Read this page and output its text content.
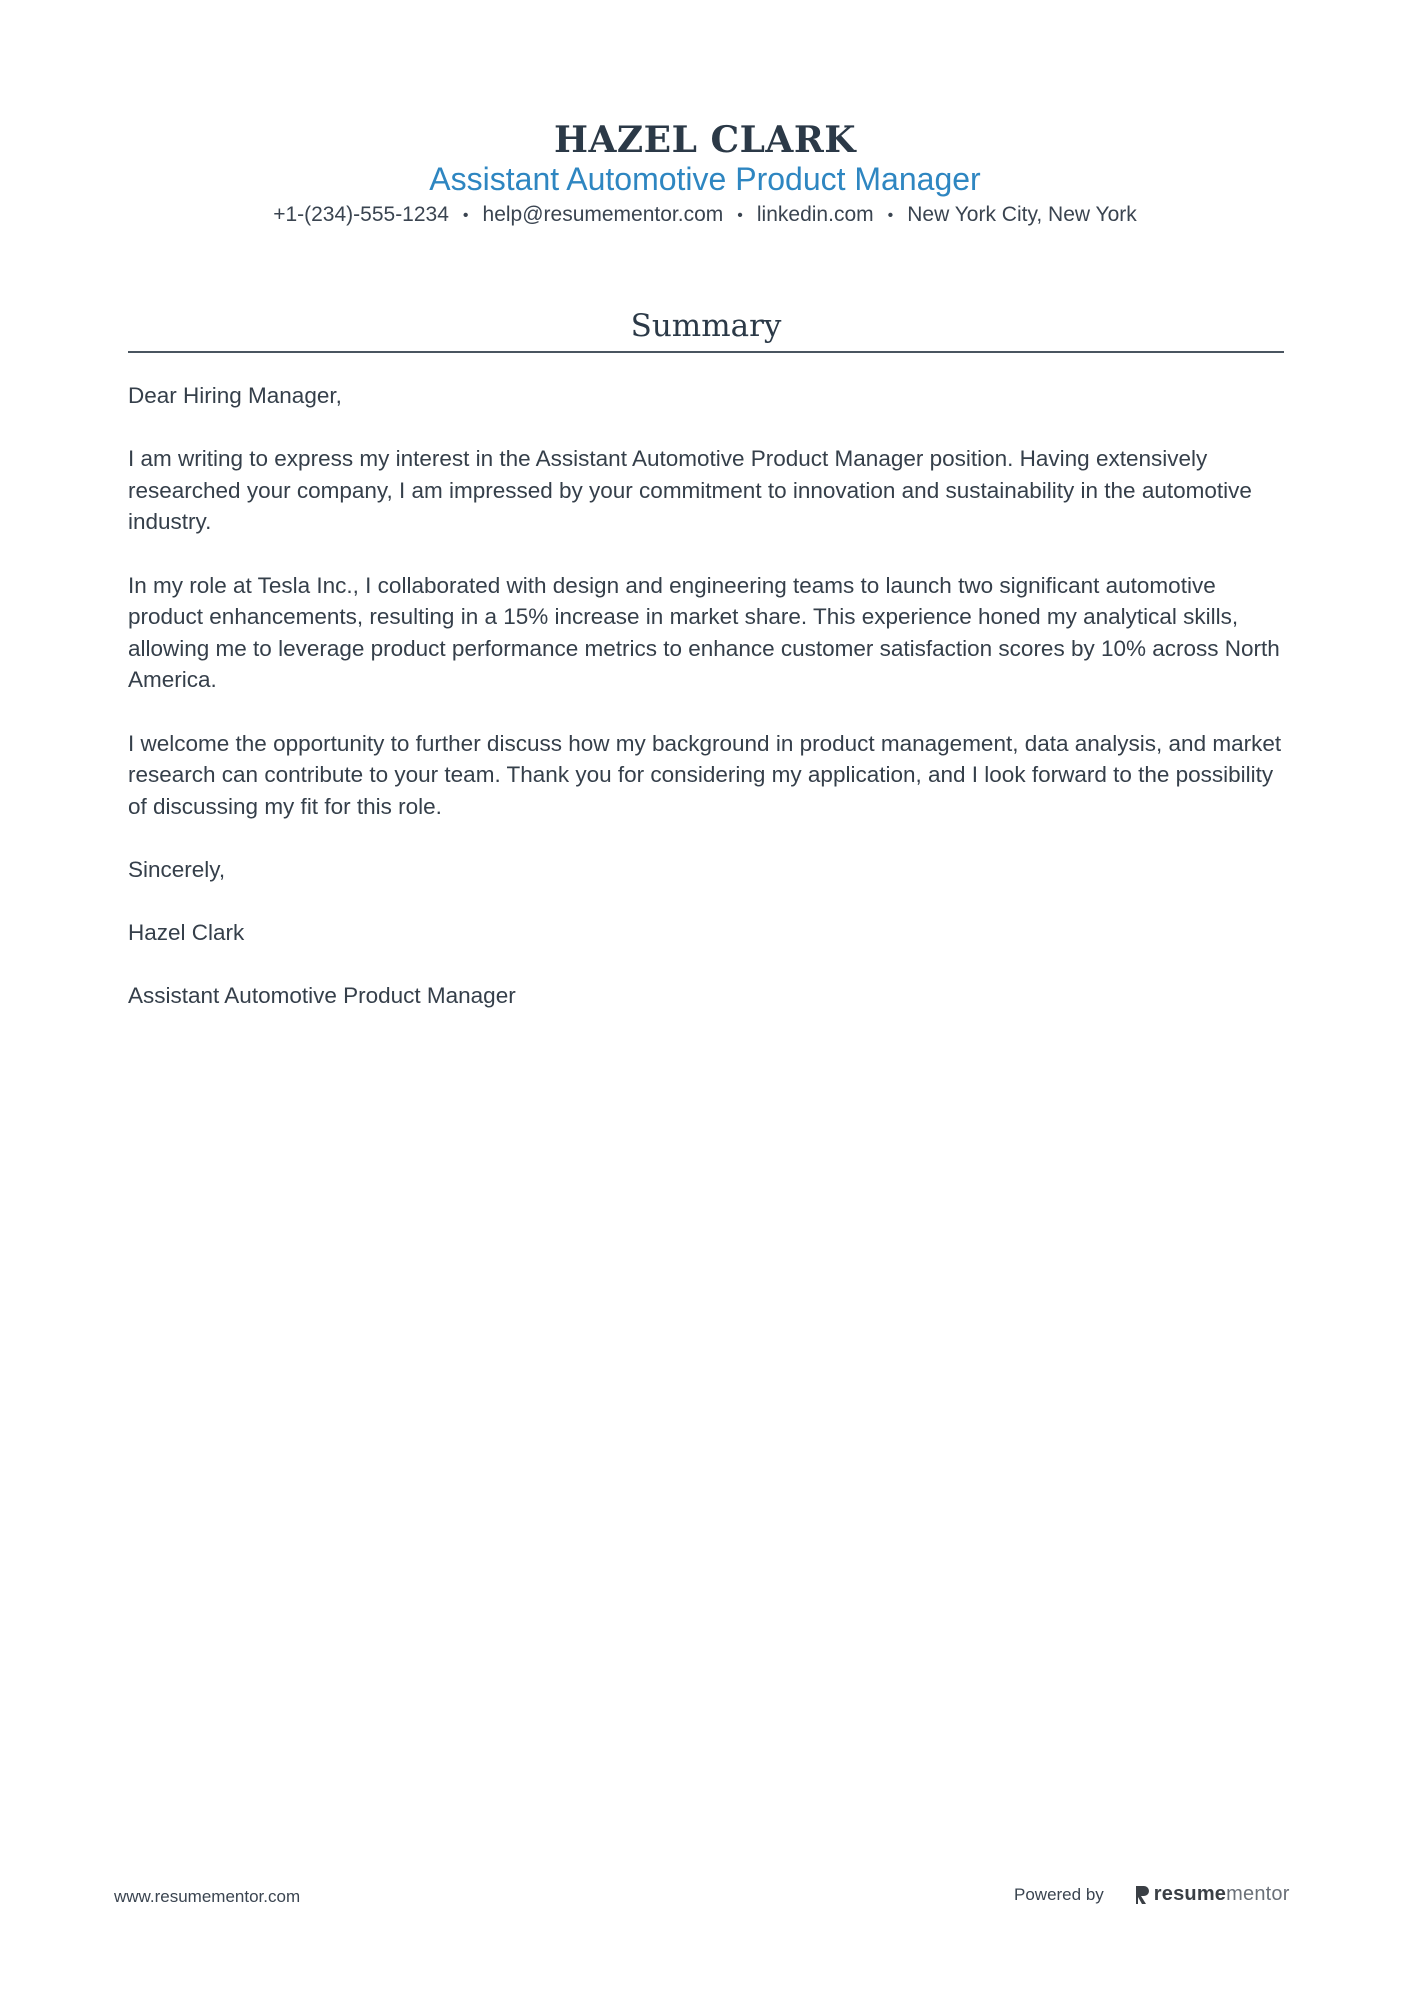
HAZEL CLARK
Assistant Automotive Product Manager
+1-(234)-555-1234 • help@resumementor.com • linkedin.com • New York City, New York
Summary

Dear Hiring Manager,

I am writing to express my interest in the Assistant Automotive Product Manager position. Having extensively researched your company, I am impressed by your commitment to innovation and sustainability in the automotive industry.

In my role at Tesla Inc., I collaborated with design and engineering teams to launch two significant automotive product enhancements, resulting in a 15% increase in market share. This experience honed my analytical skills, allowing me to leverage product performance metrics to enhance customer satisfaction scores by 10% across North America.

I welcome the opportunity to further discuss how my background in product management, data analysis, and market research can contribute to your team. Thank you for considering my application, and I look forward to the possibility of discussing my fit for this role.

Sincerely,

Hazel Clark

Assistant Automotive Product Manager

www.resumementor.com	Powered by	resumementor
